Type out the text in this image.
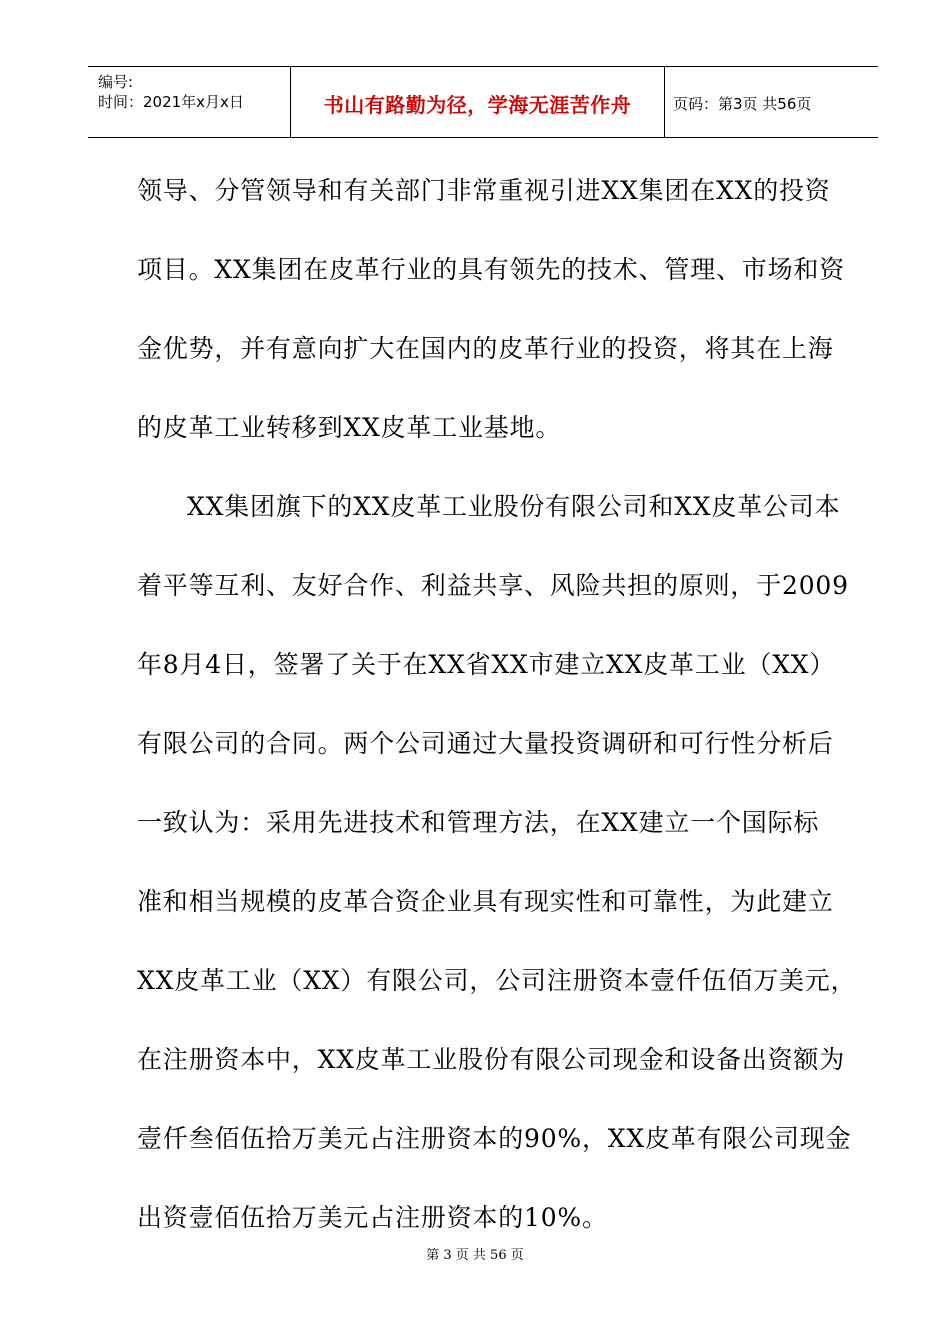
编号:
时间：2021年x月x日	书山有路勤为径，学海无涯苦作舟	页码：第3页 共56页
领导、分管领导和有关部门非常重视引进XX集团在XX的投资
项目。XX集团在皮革行业的具有领先的技术、管理、市场和资
金优势，并有意向扩大在国内的皮革行业的投资，将其在上海
的皮革工业转移到XX皮革工业基地。
XX集团旗下的XX皮革工业股份有限公司和XX皮革公司本
着平等互利、友好合作、利益共享、风险共担的原则，于2009
年8月4日，签署了关于在XX省XX市建立XX皮革工业（XX）
有限公司的合同。两个公司通过大量投资调研和可行性分析后
一致认为：采用先进技术和管理方法，在XX建立一个国际标
准和相当规模的皮革合资企业具有现实性和可靠性，为此建立
XX皮革工业（XX）有限公司，公司注册资本壹仟伍佰万美元，
在注册资本中，XX皮革工业股份有限公司现金和设备出资额为
壹仟叁佰伍拾万美元占注册资本的90%，XX皮革有限公司现金
出资壹佰伍拾万美元占注册资本的10%。
第 3 页 共 56 页
